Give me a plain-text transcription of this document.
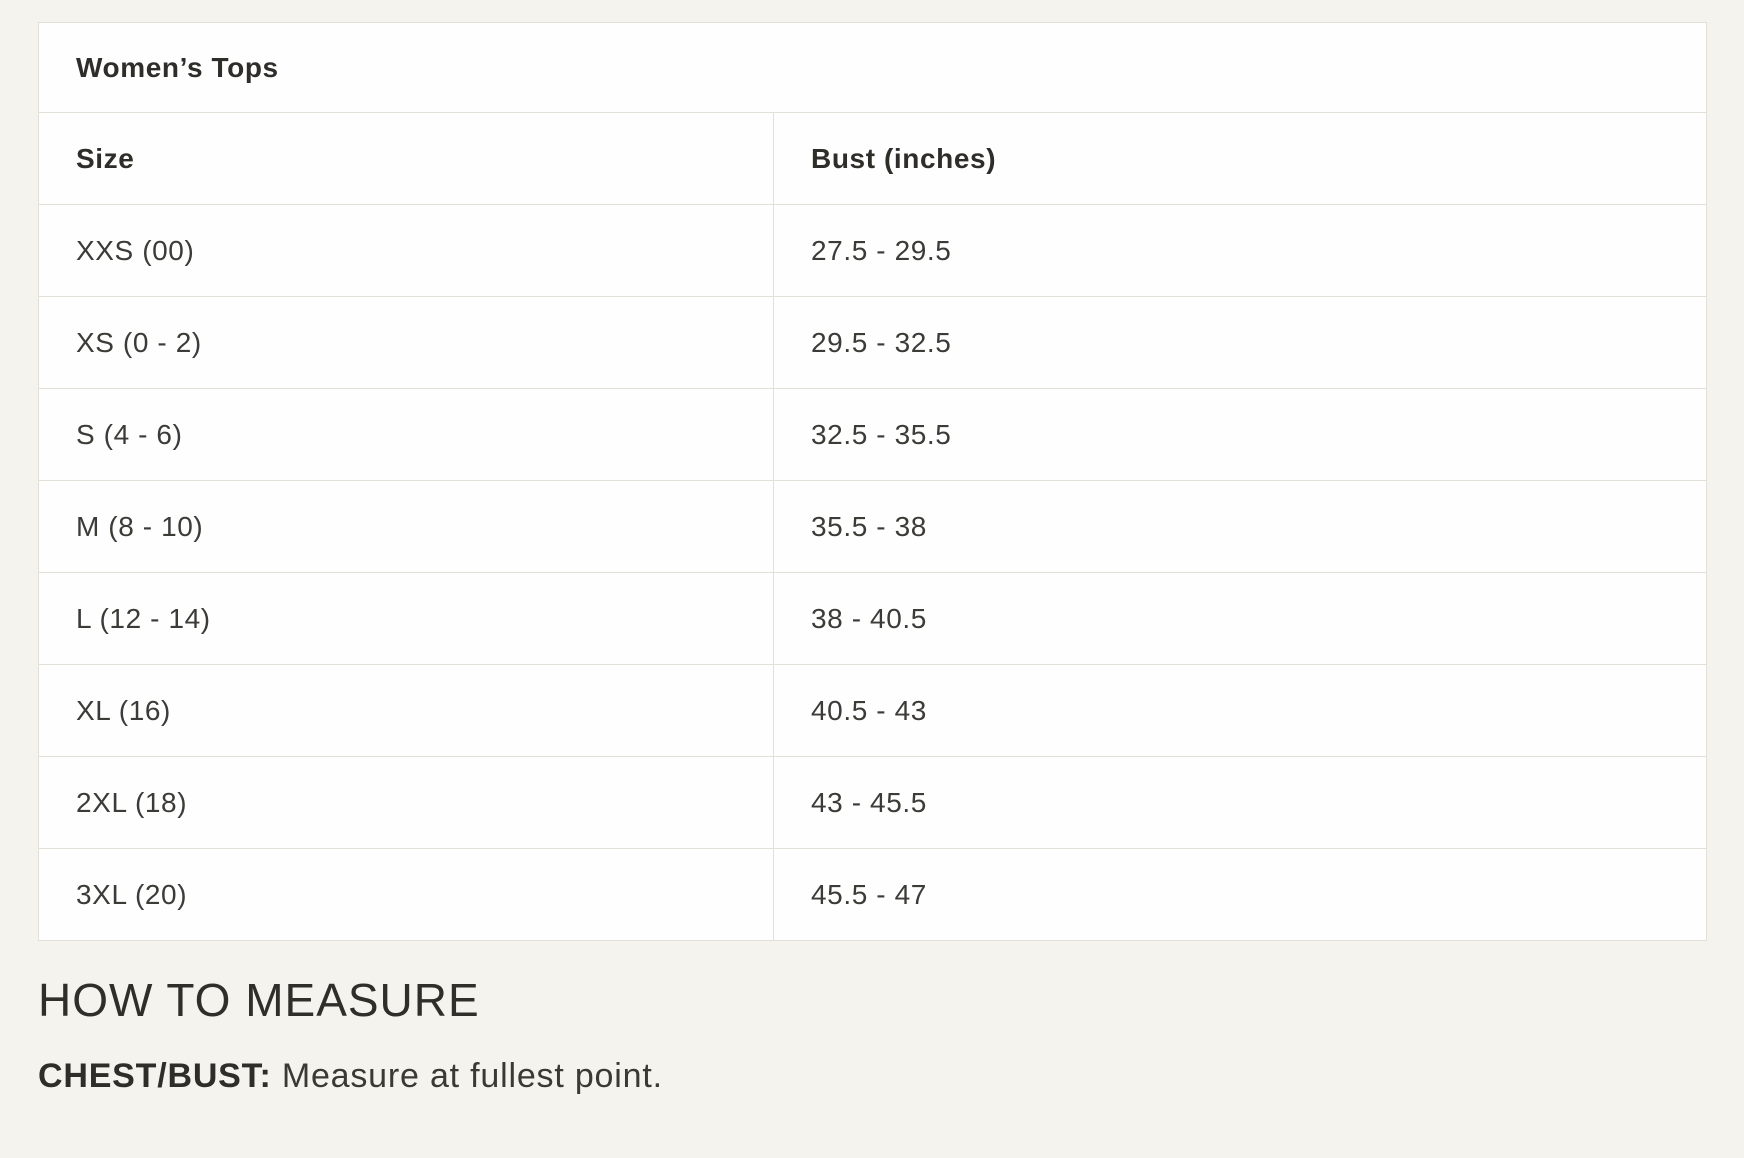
Women’s Tops	
Size	Bust (inches)
XXS (00)	27.5 - 29.5
XS (0 - 2)	29.5 - 32.5
S (4 - 6)	32.5 - 35.5
M (8 - 10)	35.5 - 38
L (12 - 14)	38 - 40.5
XL (16)	40.5 - 43
2XL (18)	43 - 45.5
3XL (20)	45.5 - 47
HOW TO MEASURE

CHEST/BUST: Measure at fullest point.
